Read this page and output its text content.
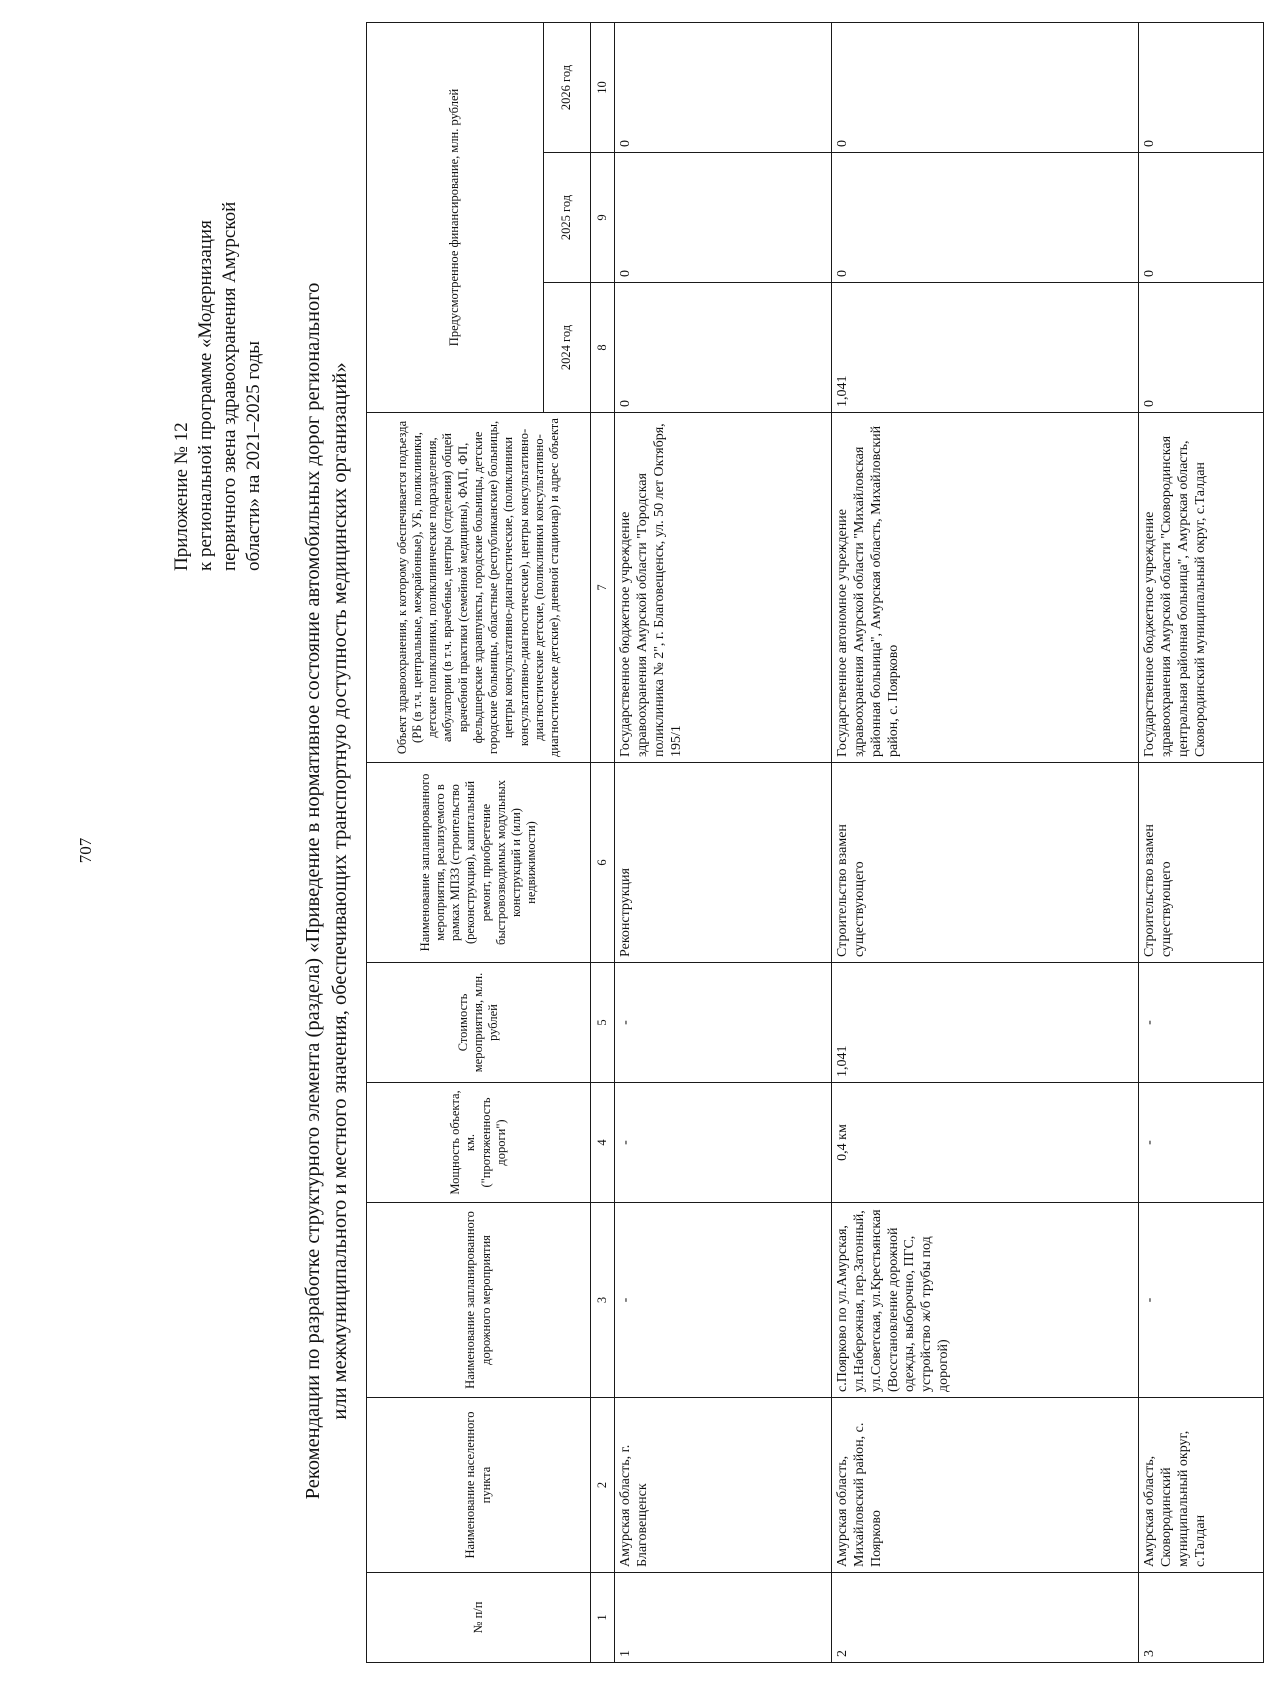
707
Приложение № 12 к региональной программе «Модернизация первичного звена здравоохранения Амурской области» на 2021–2025 годы Рекомендации по разработке структурного элемента (раздела) «Приведение в нормативное состояние автомобильных дорог регионального или межмуниципального и местного значения, обеспечивающих транспортную доступность медицинских организаций»
№ п/п	Наименование населенного пункта	Наименование запланированного дорожного мероприятия	Мощность объекта, км. ("протяженность дороги")	Стоимость мероприятия, млн. рублей	Наименование запланированного мероприятия, реализуемого в рамках МПЗЗ (строительство (реконструкция), капитальный ремонт, приобретение быстровозводимых модульных конструкций и (или) недвижимости)	Объект здравоохранения, к которому обеспечивается подъезда (РБ (в т.ч. центральные, межрайонные), УБ, поликлиники, детские поликлиники, поликлинические подразделения, амбулатории (в т.ч. врачебные, центры (отделения) общей врачебной практики (семейной медицины), ФАП, ФП, фельдшерские здравпункты, городские больницы, детские городские больницы, областные (республиканские) больницы, центры консультативно-диагностические, (поликлиники консультативно-диагностические), центры консультативно-диагностические детские, (поликлиники консультативно-диагностические детские), дневной стационар) и адрес объекта	Предусмотренное финансирование, млн. рублей		
							2024 год	2025 год	2026 год
1	2	3	4	5	6	7	8	9	10
1	Амурская область, г. Благовещенск	-	-	-	Реконструкция	Государственное бюджетное учреждение здравоохранения Амурской области "Городская поликлиника № 2", г. Благовещенск, ул. 50 лет Октября, 195/1	0	0	0
2	Амурская область, Михайловский район, с. Поярково	с.Поярково по ул.Амурская, ул.Набережная, пер.Затонный, ул.Советская, ул.Крестьянская (Восстановление дорожной одежды, выборочно, ПГС, устройство ж/б трубы под дорогой)	0,4 км	1,041	Строительство взамен существующего	Государственное автономное учреждение здравоохранения Амурской области "Михайловская районная больница", Амурская область, Михайловский район, с. Поярково	1,041	0	0
3	Амурская область, Сковородинский муниципальный округ, с.Талдан	-	-	-	Строительство взамен существующего	Государственное бюджетное учреждение здравоохранения Амурской области "Сковородинская центральная районная больница", Амурская область, Сковородинский муниципальный округ, с.Талдан	0	0	0
